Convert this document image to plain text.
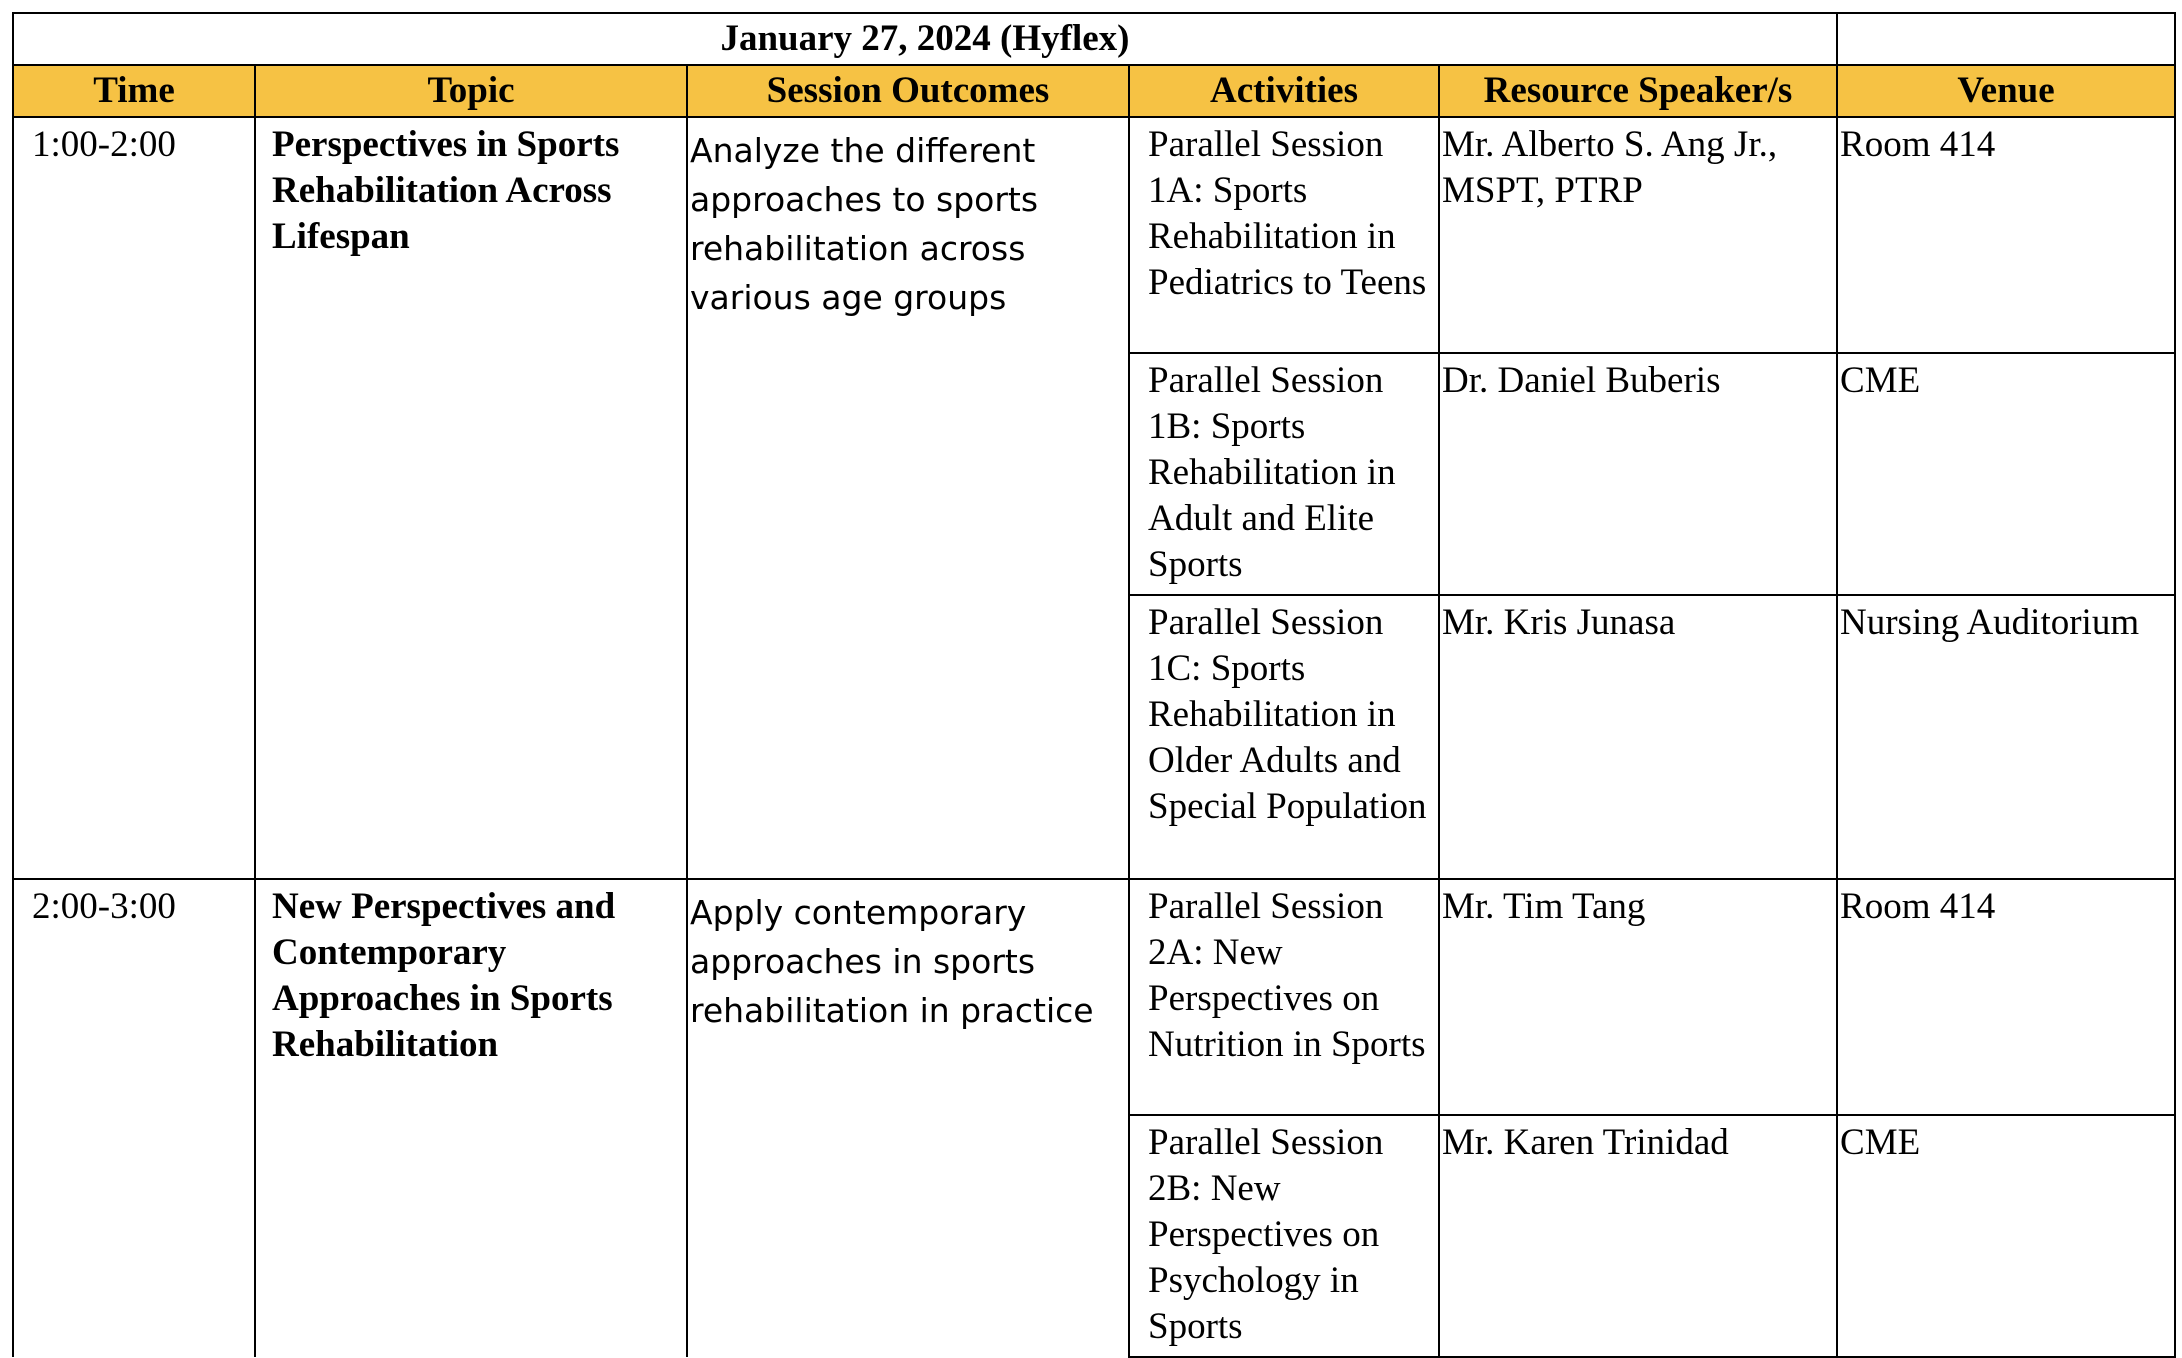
January 27, 2024 (Hyflex)					
Time	Topic	Session Outcomes	Activities	Resource Speaker/s	Venue

1:00-2:00	Perspectives in Sports Rehabilitation Across Lifespan	Analyze the different approaches to sports rehabilitation across various age groups	Parallel Session 1A: Sports Rehabilitation in Pediatrics to Teens	Mr. Alberto S. Ang Jr., MSPT, PTRP	Room 414

			Parallel Session 1B: Sports Rehabilitation in Adult and Elite Sports	Dr. Daniel Buberis	CME

			Parallel Session 1C: Sports Rehabilitation in Older Adults and Special Population	Mr. Kris Junasa	Nursing Auditorium

2:00-3:00	New Perspectives and Contemporary Approaches in Sports Rehabilitation	Apply contemporary approaches in sports rehabilitation in practice	Parallel Session 2A: New Perspectives on Nutrition in Sports	Mr. Tim Tang	Room 414

			Parallel Session 2B: New Perspectives on Psychology in Sports	Mr. Karen Trinidad	CME
